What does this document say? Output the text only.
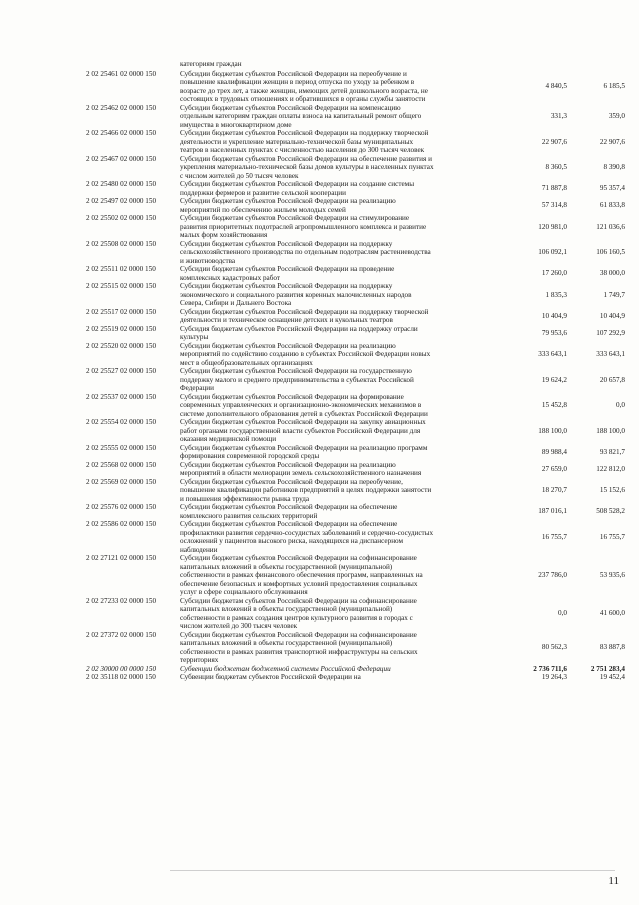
категориям граждан
2 02 25461 02 0000 150	Субсидии бюджетам субъектов Российской Федерации на переобучение и повышение квалификации женщин в период отпуска по уходу за ребенком в возрасте до трех лет, а также женщин, имеющих детей дошкольного возраста, не состоящих в трудовых отношениях и обратившихся в органы службы занятости
4 840,5	6 185,5
2 02 25462 02 0000 150	Субсидии бюджетам субъектов Российской Федерации на компенсацию отдельным категориям граждан оплаты взноса на капитальный ремонт общего имущества в многоквартирном доме
331,3	359,0
2 02 25466 02 0000 150	Субсидии бюджетам субъектов Российской Федерации на поддержку творческой деятельности и укрепление материально-технической базы муниципальных театров в населенных пунктах с численностью населения до 300 тысяч человек
22 907,6	22 907,6
2 02 25467 02 0000 150	Субсидии бюджетам субъектов Российской Федерации на обеспечение развития и укрепления материально-технической базы домов культуры в населенных пунктах с числом жителей до 50 тысяч человек
8 360,5	8 390,8
2 02 25480 02 0000 150	Субсидии бюджетам субъектов Российской Федерации на создание системы поддержки фермеров и развитие сельской кооперации
71 887,8	95 357,4
2 02 25497 02 0000 150	Субсидии бюджетам субъектов Российской Федерации на реализацию мероприятий по обеспечению жильем молодых семей
57 314,8	61 833,8
2 02 25502 02 0000 150	Субсидии бюджетам субъектов Российской Федерации на стимулирование развития приоритетных подотраслей агропромышленного комплекса и развитие малых форм хозяйствования
120 981,0	121 036,6
2 02 25508 02 0000 150	Субсидии бюджетам субъектов Российской Федерации на поддержку сельскохозяйственного производства по отдельным подотраслям растениеводства и животноводства
106 092,1	106 160,5
2 02 25511 02 0000 150	Субсидии бюджетам субъектов Российской Федерации на проведение комплексных кадастровых работ
17 260,0	38 000,0
2 02 25515 02 0000 150	Субсидии бюджетам субъектов Российской Федерации на поддержку экономического и социального развития коренных малочисленных народов Севера, Сибири и Дальнего Востока
1 835,3	1 749,7
2 02 25517 02 0000 150	Субсидии бюджетам субъектов Российской Федерации на поддержку творческой деятельности и техническое оснащение детских и кукольных театров
10 404,9	10 404,9
2 02 25519 02 0000 150	Субсидия бюджетам субъектов Российской Федерации на поддержку отрасли культуры
79 953,6	107 292,9
2 02 25520 02 0000 150	Субсидии бюджетам субъектов Российской Федерации на реализацию мероприятий по содействию созданию в субъектах Российской Федерации новых мест в общеобразовательных организациях
333 643,1	333 643,1
2 02 25527 02 0000 150	Субсидии бюджетам субъектов Российской Федерации на государственную поддержку малого и среднего предпринимательства в субъектах Российской Федерации
19 624,2	20 657,8
2 02 25537 02 0000 150	Субсидии бюджетам субъектов Российской Федерации на формирование современных управленческих и организационно-экономических механизмов в системе дополнительного образования детей в субъектах Российской Федерации
15 452,8	0,0
2 02 25554 02 0000 150	Субсидии бюджетам субъектов Российской Федерации на закупку авиационных работ органами государственной власти субъектов Российской Федерации для оказания медицинской помощи
188 100,0	188 100,0
2 02 25555 02 0000 150	Субсидии бюджетам субъектов Российской Федерации на реализацию программ формирования современной городской среды
89 988,4	93 821,7
2 02 25568 02 0000 150	Субсидии бюджетам субъектов Российской Федерации на реализацию мероприятий в области мелиорации земель сельскохозяйственного назначения
27 659,0	122 812,0
2 02 25569 02 0000 150	Субсидии бюджетам субъектов Российской Федерации на переобучение, повышение квалификации работников предприятий в целях поддержки занятости и повышения эффективности рынка труда
18 270,7	15 152,6
2 02 25576 02 0000 150	Субсидии бюджетам субъектов Российской Федерации на обеспечение комплексного развития сельских территорий
187 016,1	508 528,2
2 02 25586 02 0000 150	Субсидии бюджетам субъектов Российской Федерации на обеспечение профилактики развития сердечно-сосудистых заболеваний и сердечно-сосудистых осложнений у пациентов высокого риска, находящихся на диспансерном наблюдении
16 755,7	16 755,7
2 02 27121 02 0000 150	Субсидии бюджетам субъектов Российской Федерации на софинансирование капитальных вложений в объекты государственной (муниципальной) собственности в рамках финансового обеспечения программ, направленных на обеспечение безопасных и комфортных условий предоставления социальных услуг в сфере социального обслуживания
237 786,0	53 935,6
2 02 27233 02 0000 150	Субсидии бюджетам субъектов Российской Федерации на софинансирование капитальных вложений в объекты государственной (муниципальной) собственности в рамках создания центров культурного развития в городах с числом жителей до 300 тысяч человек
0,0	41 600,0
2 02 27372 02 0000 150	Субсидии бюджетам субъектов Российской Федерации на софинансирование капитальных вложений в объекты государственной (муниципальной) собственности в рамках развития транспортной инфраструктуры на сельских территориях
80 562,3	83 887,8
2 02 30000 00 0000 150	Субвенции бюджетам бюджетной системы Российской Федерации	2 736 711,6	2 751 283,4
2 02 35118 02 0000 150	Субвенции бюджетам субъектов Российской Федерации на	19 264,3	19 452,4
11
